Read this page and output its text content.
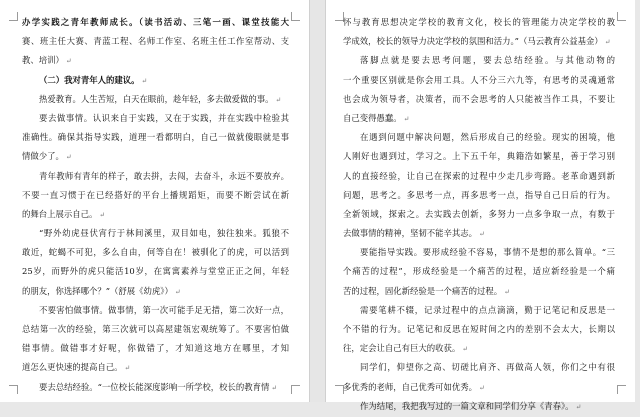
办学实践之青年教师成长。（读书活动、三笔一画、课堂技能大
赛、班主任大赛、青蓝工程、名师工作室、名班主任工作室帮动、支
教、培训） ↵
（二）我对青年人的建议。 ↵
热爱教育。人生苦短，白天在眼前，趁年轻，多去做爱做的事。 ↵
要去做事情。认识来自于实践，又在于实践，并在实践中检验其
准确性。确保其指导实践，道理一看都明白，自己一做就傻眼就是事
情做少了。 ↵
青年教师有青年的样子，敢去拼，去闯，去奋斗，永远不要放弃。
不要一直习惯于在已经搭好的平台上播规蹈矩，而要不断尝试在新
的舞台上展示自己。 ↵
“野外幼虎昼伏宵行于林间溪里，双目如电，独往独来。狐狼不
敢近，蛇蝎不可犯，多么自由，何等自在！被驯化了的虎，可以活到
25岁，而野外的虎只能活10岁，在寓寓素养与堂堂正正之间，年轻
的朋友，你选择哪个？”（舒展《幼虎》） ↵
不要害怕做事情。做事情，第一次可能手足无措，第二次好一点，
总结第一次的经验，第三次就可以高屋建瓴宏观统筹了。不要害怕做
错事情。做错事才好呢，你做错了，才知道这地方在哪里，才知
道怎么更快速的提高自己。 ↵
要去总结经验。“一位校长能深度影响一所学校，校长的教育情 ↵
怀与教育思想决定学校的教育文化，校长的管理能力决定学校的教
学成效，校长的领导力决定学校的氛围和活力。”（马云教育公益基金） ↵
落脚点就是要去思考问题，要去总结经验。与其他动物的
一个重要区别就是你会用工具。人不分三六九等，有思考的灵魂通常
也会成为领导者，决策者，而不会思考的人只能被当作工具，不要让
自己变得愚蠢。 ↵
在遇到问题中解决问题，然后形成自己的经验。现实的困境，他
人刚好也遇到过，学习之。上下五千年，典籍浩如繁星，善于学习别
人的直接经验，让自己在探索的过程中少走几步弯路。老革命遇到新
问题，思考之。多思考一点，再多思考一点，指导自己日后的行为。
全新领域，探索之。去实践去创新，多努力一点多争取一点，有数于
去做事情的精神，坚韧不能辛其志。 ↵
要能指导实践。要形成经验不容易，事情不是想的那么简单。“三
个痛苦的过程”，形成经验是一个痛苦的过程，适应新经验是一个痛
苦的过程，固化新经验是一个痛苦的过程。 ↵
需要笔耕不辍，记录过程中的点点滴滴，勤于记笔记和反思是一
个不错的行为。记笔记和反思在短时间之内的差别不会太大，长期以
往，定会让自己有巨大的收获。 ↵
同学们，仰望你之高、切磋比肩齐、再做高人领，你们之中有很
多优秀的老师，自己优秀可如优秀。 ↵
作为结尾，我把我写过的一篇文章和同学们分享《青春》。 ↵
